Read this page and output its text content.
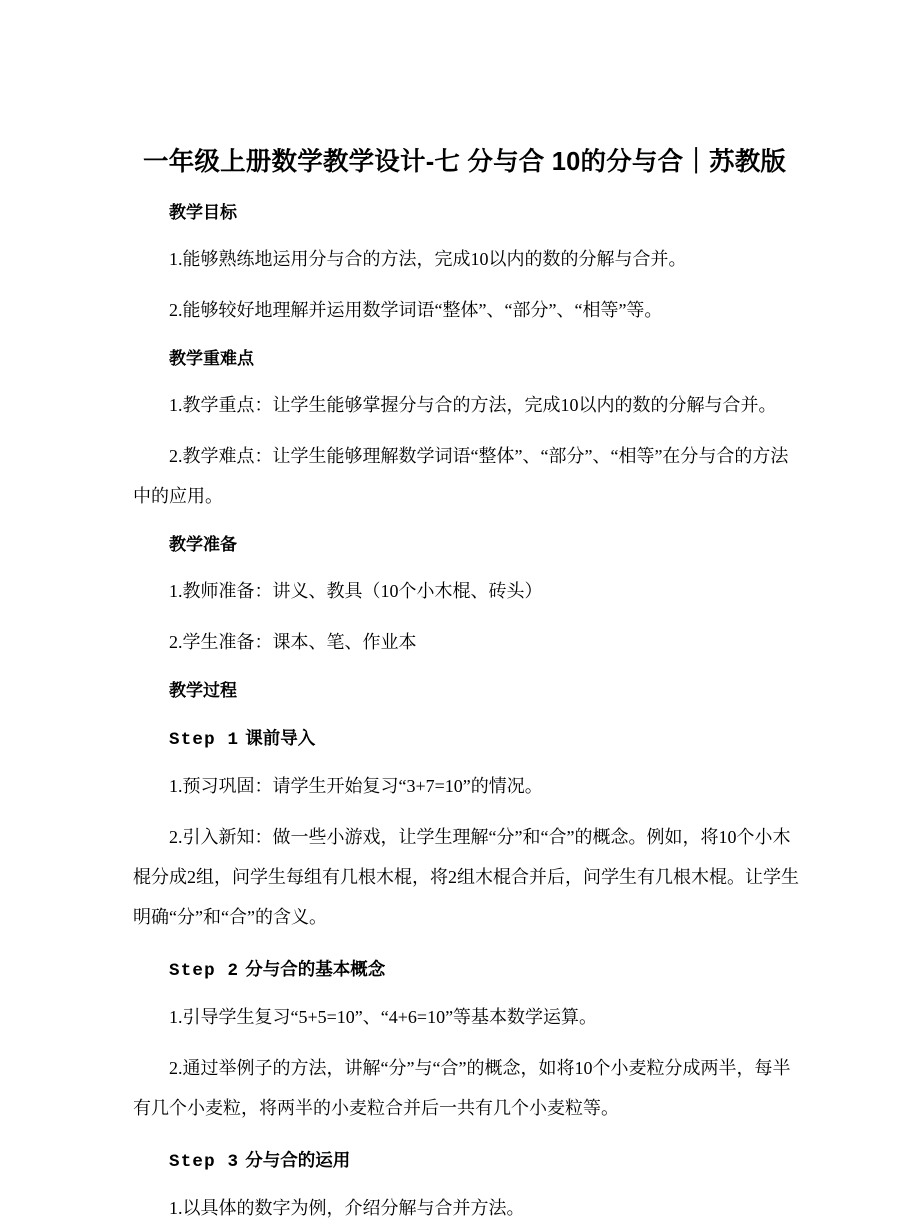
一年级上册数学教学设计-七 分与合 10的分与合｜苏教版
教学目标

1.能够熟练地运用分与合的方法，完成10以内的数的分解与合并。

2.能够较好地理解并运用数学词语“整体”、“部分”、“相等”等。

教学重难点

1.教学重点：让学生能够掌握分与合的方法，完成10以内的数的分解与合并。

2.教学难点：让学生能够理解数学词语“整体”、“部分”、“相等”在分与合的方法中的应用。

教学准备

1.教师准备：讲义、教具（10个小木棍、砖头）

2.学生准备：课本、笔、作业本

教学过程
Step 1 课前导入

1.预习巩固：请学生开始复习“3+7=10”的情况。

2.引入新知：做一些小游戏，让学生理解“分”和“合”的概念。例如，将10个小木棍分成2组，问学生每组有几根木棍，将2组木棍合并后，问学生有几根木棍。让学生明确“分”和“合”的含义。

Step 2 分与合的基本概念

1.引导学生复习“5+5=10”、“4+6=10”等基本数学运算。

2.通过举例子的方法，讲解“分”与“合”的概念，如将10个小麦粒分成两半，每半有几个小麦粒，将两半的小麦粒合并后一共有几个小麦粒等。

Step 3 分与合的运用

1.以具体的数字为例，介绍分解与合并方法。
